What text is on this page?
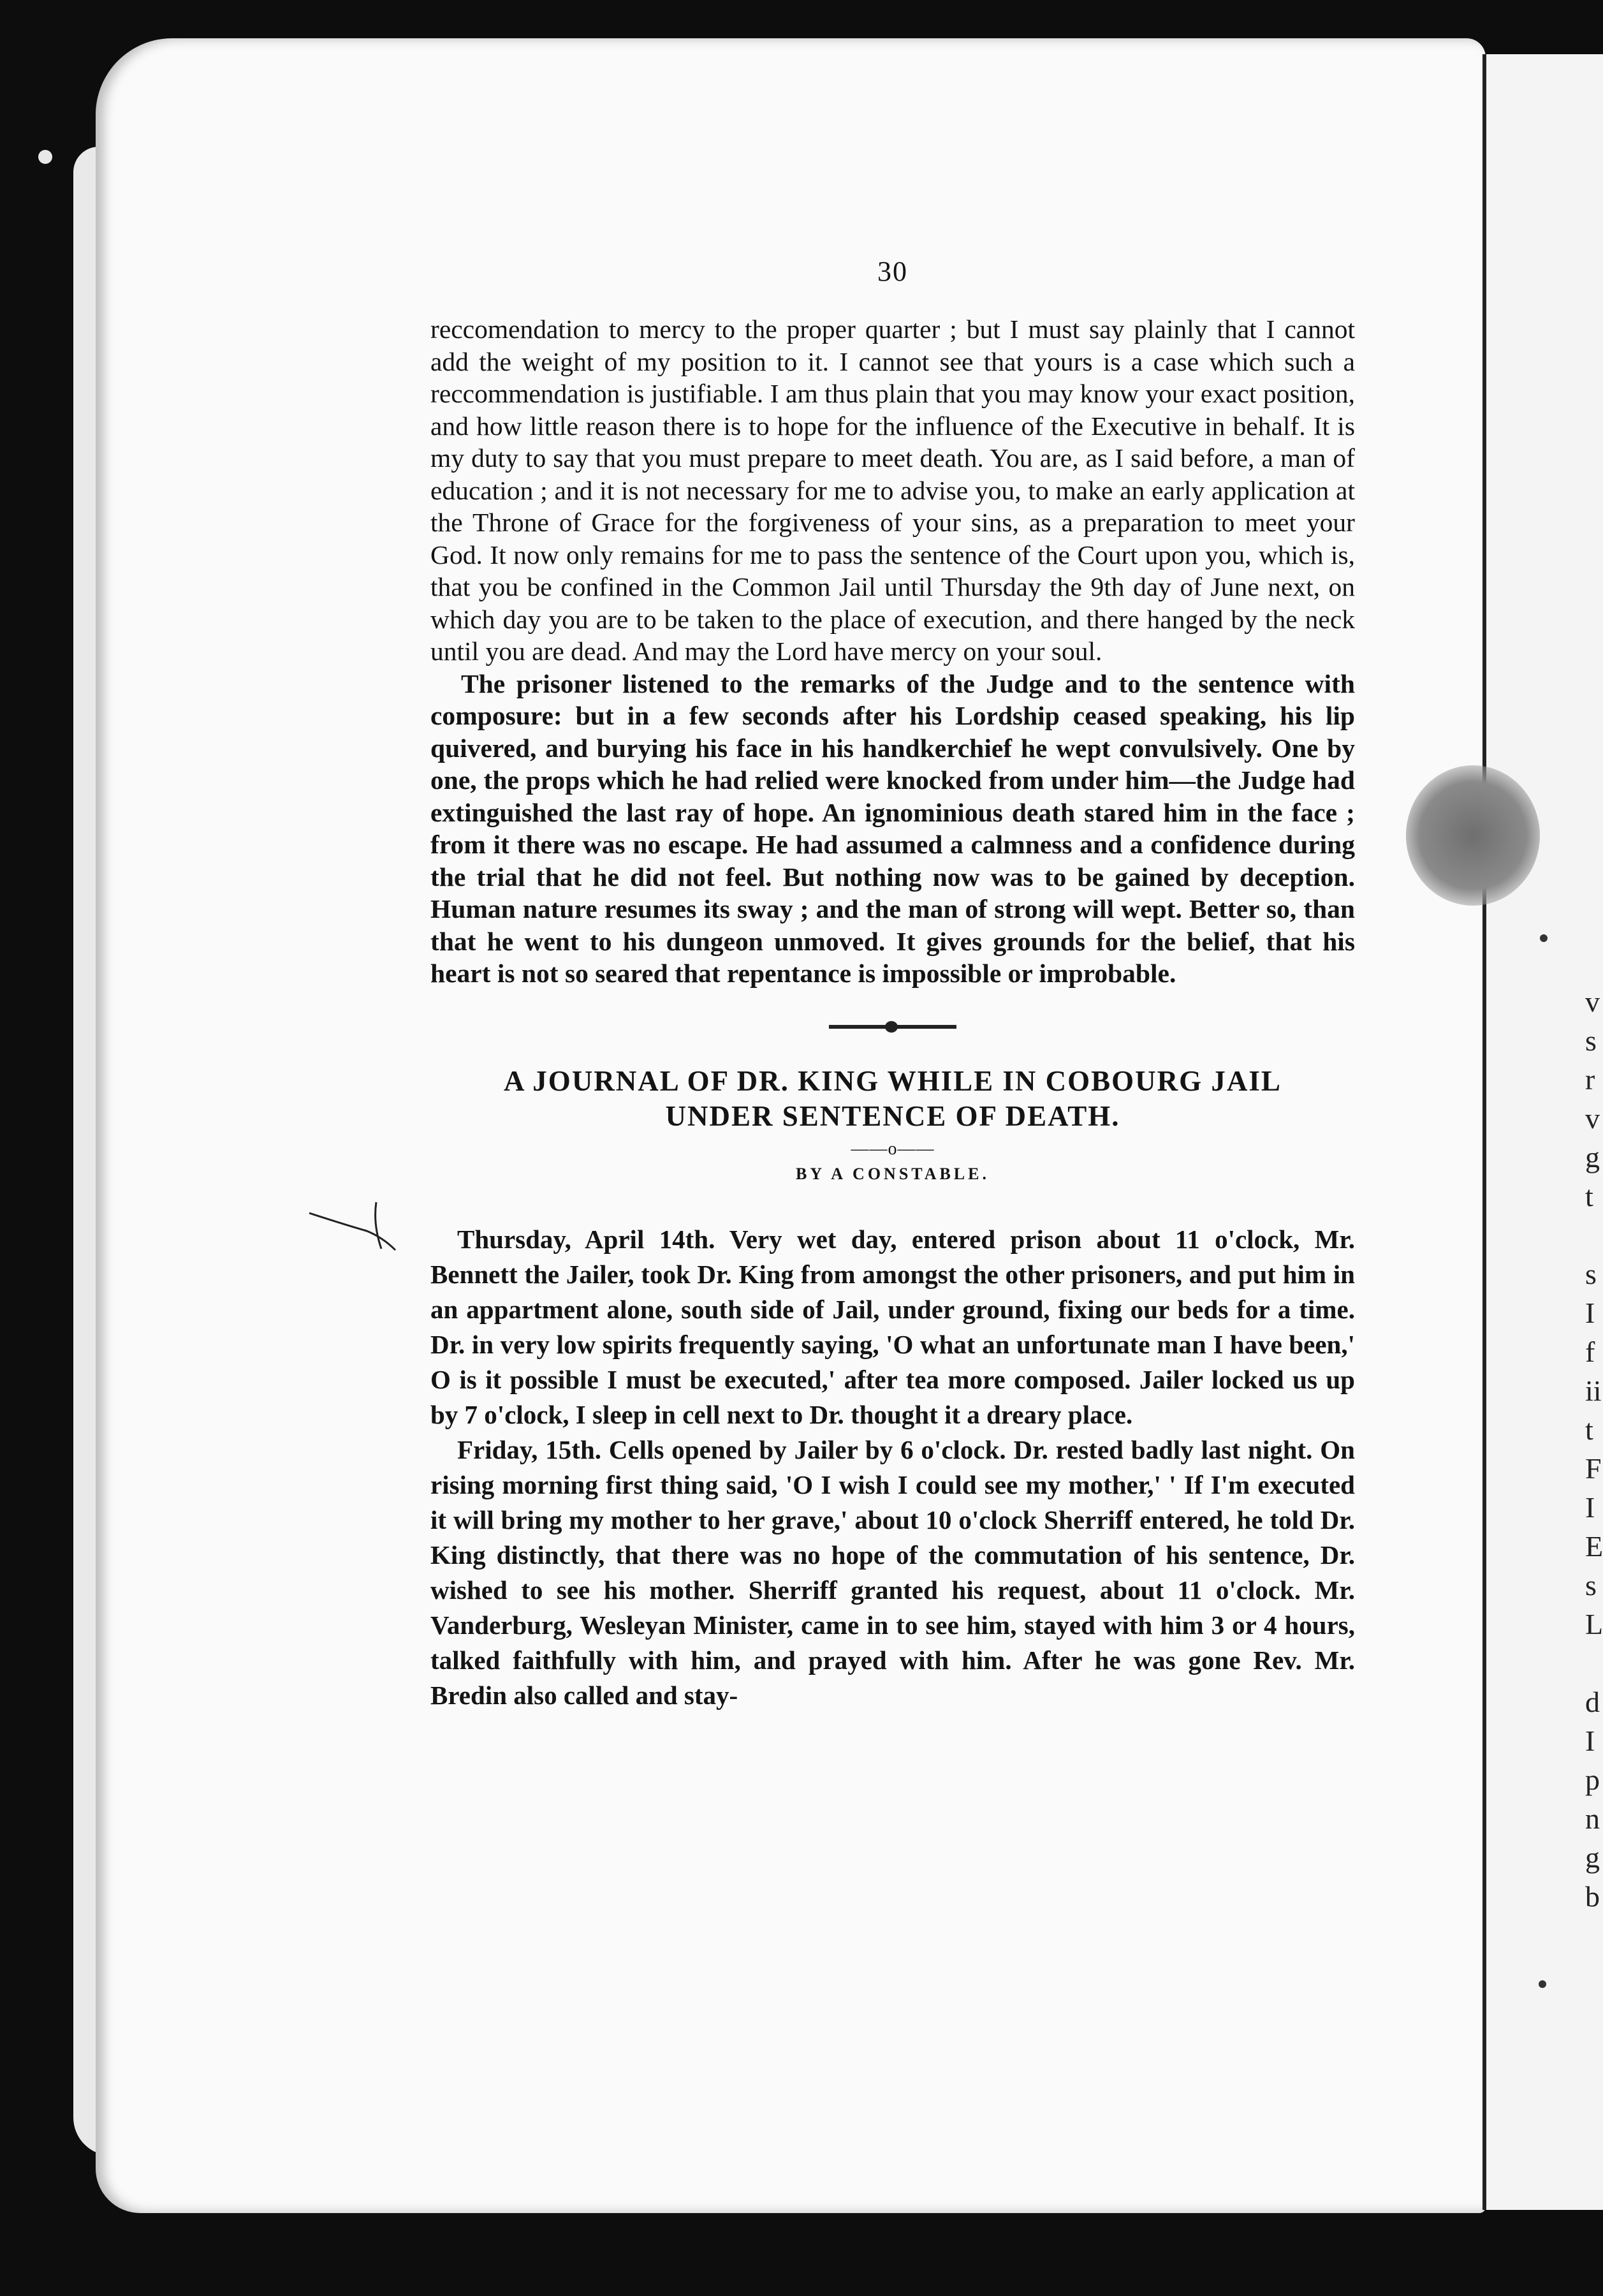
v
s
r
v
g
t
s
I
f
ii
t
F
I
E
s
L
d
I
p
n
g
b
30

reccomendation to mercy to the proper quarter ; but I must say plainly that I cannot add the weight of my position to it. I cannot see that yours is a case which such a reccommendation is justifiable. I am thus plain that you may know your exact position, and how little reason there is to hope for the influence of the Executive in behalf. It is my duty to say that you must prepare to meet death. You are, as I said before, a man of education ; and it is not necessary for me to advise you, to make an early application at the Throne of Grace for the forgiveness of your sins, as a preparation to meet your God. It now only remains for me to pass the sentence of the Court upon you, which is, that you be confined in the Common Jail until Thursday the 9th day of June next, on which day you are to be taken to the place of execution, and there hanged by the neck until you are dead. And may the Lord have mercy on your soul.

The prisoner listened to the remarks of the Judge and to the sentence with composure: but in a few seconds after his Lordship ceased speaking, his lip quivered, and burying his face in his handkerchief he wept convulsively. One by one, the props which he had relied were knocked from under him—the Judge had extinguished the last ray of hope. An ignominious death stared him in the face ; from it there was no escape. He had assumed a calmness and a confidence during the trial that he did not feel. But nothing now was to be gained by deception. Human nature resumes its sway ; and the man of strong will wept. Better so, than that he went to his dungeon unmoved. It gives grounds for the belief, that his heart is not so seared that repentance is impossible or improbable.

A JOURNAL OF DR. KING WHILE IN COBOURG JAIL

UNDER SENTENCE OF DEATH.

——o——
BY A CONSTABLE.

Thursday, April 14th. Very wet day, entered prison about 11 o'clock, Mr. Bennett the Jailer, took Dr. King from amongst the other prisoners, and put him in an appartment alone, south side of Jail, under ground, fixing our beds for a time. Dr. in very low spirits frequently saying, 'O what an unfortunate man I have been,' O is it possible I must be executed,' after tea more composed. Jailer locked us up by 7 o'clock, I sleep in cell next to Dr. thought it a dreary place.

Friday, 15th. Cells opened by Jailer by 6 o'clock. Dr. rested badly last night. On rising morning first thing said, 'O I wish I could see my mother,' ' If I'm executed it will bring my mother to her grave,' about 10 o'clock Sherriff entered, he told Dr. King distinctly, that there was no hope of the commutation of his sentence, Dr. wished to see his mother. Sherriff granted his request, about 11 o'clock. Mr. Vanderburg, Wesleyan Minister, came in to see him, stayed with him 3 or 4 hours, talked faithfully with him, and prayed with him. After he was gone Rev. Mr. Bredin also called and stay-
